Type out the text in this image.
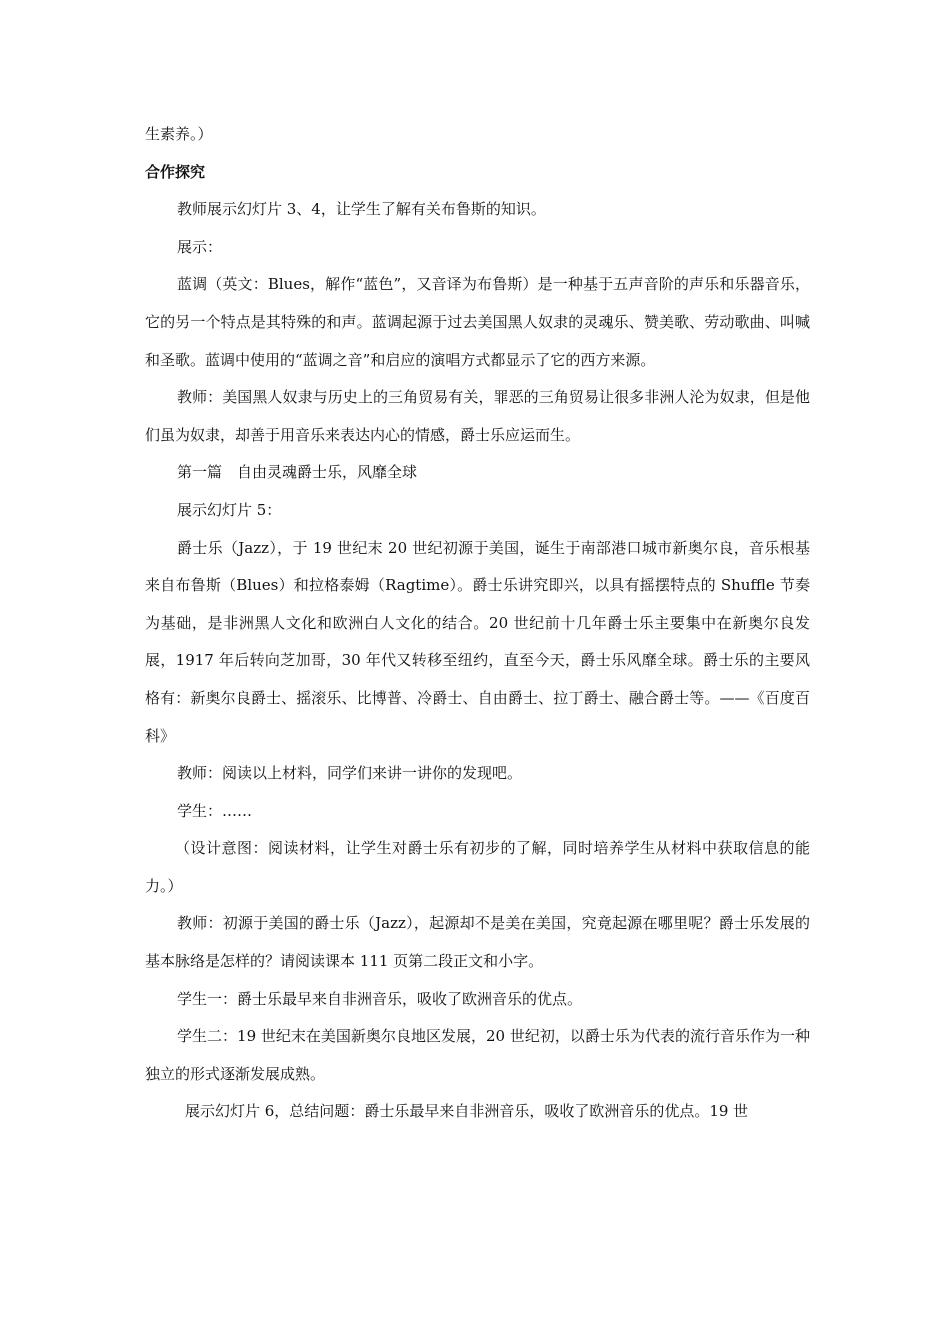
生素养。）

合作探究

教师展示幻灯片 3、4，让学生了解有关布鲁斯的知识。

展示：

蓝调（英文：Blues，解作“蓝色”，又音译为布鲁斯）是一种基于五声音阶的声乐和乐器音乐，它的另一个特点是其特殊的和声。蓝调起源于过去美国黑人奴隶的灵魂乐、赞美歌、劳动歌曲、叫喊和圣歌。蓝调中使用的“蓝调之音”和启应的演唱方式都显示了它的西方来源。

教师：美国黑人奴隶与历史上的三角贸易有关，罪恶的三角贸易让很多非洲人沦为奴隶，但是他们虽为奴隶，却善于用音乐来表达内心的情感，爵士乐应运而生。

第一篇　自由灵魂爵士乐，风靡全球

展示幻灯片 5：

爵士乐（Jazz），于 19 世纪末 20 世纪初源于美国，诞生于南部港口城市新奥尔良，音乐根基来自布鲁斯（Blues）和拉格泰姆（Ragtime）。爵士乐讲究即兴，以具有摇摆特点的 Shuffle 节奏为基础，是非洲黑人文化和欧洲白人文化的结合。20 世纪前十几年爵士乐主要集中在新奥尔良发展，1917 年后转向芝加哥，30 年代又转移至纽约，直至今天，爵士乐风靡全球。爵士乐的主要风格有：新奥尔良爵士、摇滚乐、比博普、冷爵士、自由爵士、拉丁爵士、融合爵士等。——《百度百科》

教师：阅读以上材料，同学们来讲一讲你的发现吧。

学生：……

（设计意图：阅读材料，让学生对爵士乐有初步的了解，同时培养学生从材料中获取信息的能力。）

教师：初源于美国的爵士乐（Jazz），起源却不是美在美国，究竟起源在哪里呢？爵士乐发展的基本脉络是怎样的？请阅读课本 111 页第二段正文和小字。

学生一：爵士乐最早来自非洲音乐，吸收了欧洲音乐的优点。

学生二：19 世纪末在美国新奥尔良地区发展，20 世纪初，以爵士乐为代表的流行音乐作为一种独立的形式逐渐发展成熟。

展示幻灯片 6，总结问题：爵士乐最早来自非洲音乐，吸收了欧洲音乐的优点。19 世
